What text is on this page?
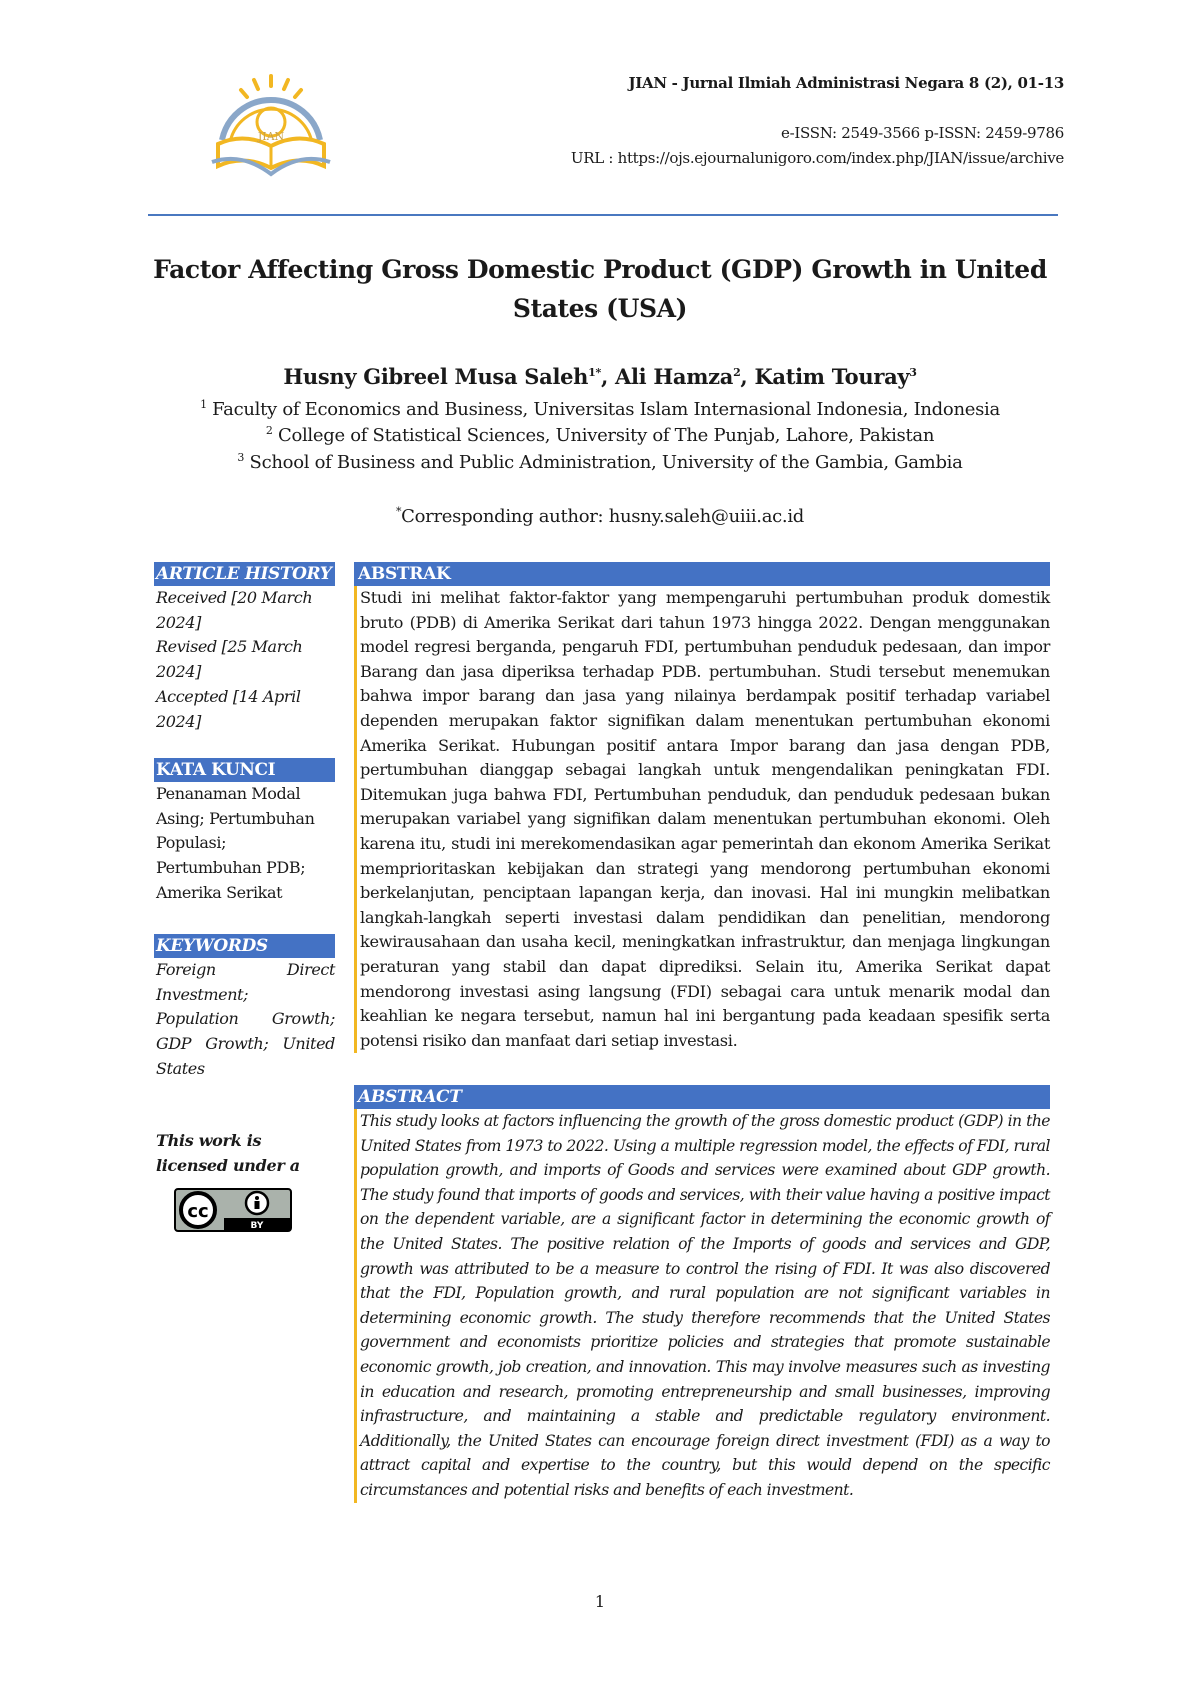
JIAN
JIAN - Jurnal Ilmiah Administrasi Negara 8 (2), 01-13
e-ISSN: 2549-3566 p-ISSN: 2459-9786
URL : https://ojs.ejournalunigoro.com/index.php/JIAN/issue/archive
Factor Affecting Gross Domestic Product (GDP) Growth in United States (USA)
Husny Gibreel Musa Saleh$^{1*}$, Ali Hamza$^2$, Katim Touray$^3$
$^1$ Faculty of Economics and Business, Universitas Islam Internasional Indonesia, Indonesia
$^2$ College of Statistical Sciences, University of The Punjab, Lahore, Pakistan
$^3$ School of Business and Public Administration, University of the Gambia, Gambia
*Corresponding author: husny.saleh@uiii.ac.id
ARTICLE HISTORY

Received [20 March 2024]

Revised [25 March 2024]

Accepted [14 April 2024]

KATA KUNCI

Penanaman Modal Asing; Pertumbuhan Populasi; Pertumbuhan PDB; Amerika Serikat

KEYWORDS

Foreign Direct Investment; Population Growth; GDP Growth; United States

This work is licensed under a
cc
BY
ABSTRAK

Studi ini melihat faktor-faktor yang mempengaruhi pertumbuhan produk domestik bruto (PDB) di Amerika Serikat dari tahun 1973 hingga 2022. Dengan menggunakan model regresi berganda, pengaruh FDI, pertumbuhan penduduk pedesaan, dan impor Barang dan jasa diperiksa terhadap PDB. pertumbuhan. Studi tersebut menemukan bahwa impor barang dan jasa yang nilainya berdampak positif terhadap variabel dependen merupakan faktor signifikan dalam menentukan pertumbuhan ekonomi Amerika Serikat. Hubungan positif antara Impor barang dan jasa dengan PDB, pertumbuhan dianggap sebagai langkah untuk mengendalikan peningkatan FDI. Ditemukan juga bahwa FDI, Pertumbuhan penduduk, dan penduduk pedesaan bukan merupakan variabel yang signifikan dalam menentukan pertumbuhan ekonomi. Oleh karena itu, studi ini merekomendasikan agar pemerintah dan ekonom Amerika Serikat memprioritaskan kebijakan dan strategi yang mendorong pertumbuhan ekonomi berkelanjutan, penciptaan lapangan kerja, dan inovasi. Hal ini mungkin melibatkan langkah-langkah seperti investasi dalam pendidikan dan penelitian, mendorong kewirausahaan dan usaha kecil, meningkatkan infrastruktur, dan menjaga lingkungan peraturan yang stabil dan dapat diprediksi. Selain itu, Amerika Serikat dapat mendorong investasi asing langsung (FDI) sebagai cara untuk menarik modal dan keahlian ke negara tersebut, namun hal ini bergantung pada keadaan spesifik serta potensi risiko dan manfaat dari setiap investasi.

ABSTRACT

This study looks at factors influencing the growth of the gross domestic product (GDP) in the United States from 1973 to 2022. Using a multiple regression model, the effects of FDI, rural population growth, and imports of Goods and services were examined about GDP growth. The study found that imports of goods and services, with their value having a positive impact on the dependent variable, are a significant factor in determining the economic growth of the United States. The positive relation of the Imports of goods and services and GDP, growth was attributed to be a measure to control the rising of FDI. It was also discovered that the FDI, Population growth, and rural population are not significant variables in determining economic growth. The study therefore recommends that the United States government and economists prioritize policies and strategies that promote sustainable economic growth, job creation, and innovation. This may involve measures such as investing in education and research, promoting entrepreneurship and small businesses, improving infrastructure, and maintaining a stable and predictable regulatory environment. Additionally, the United States can encourage foreign direct investment (FDI) as a way to attract capital and expertise to the country, but this would depend on the specific circumstances and potential risks and benefits of each investment.

1
